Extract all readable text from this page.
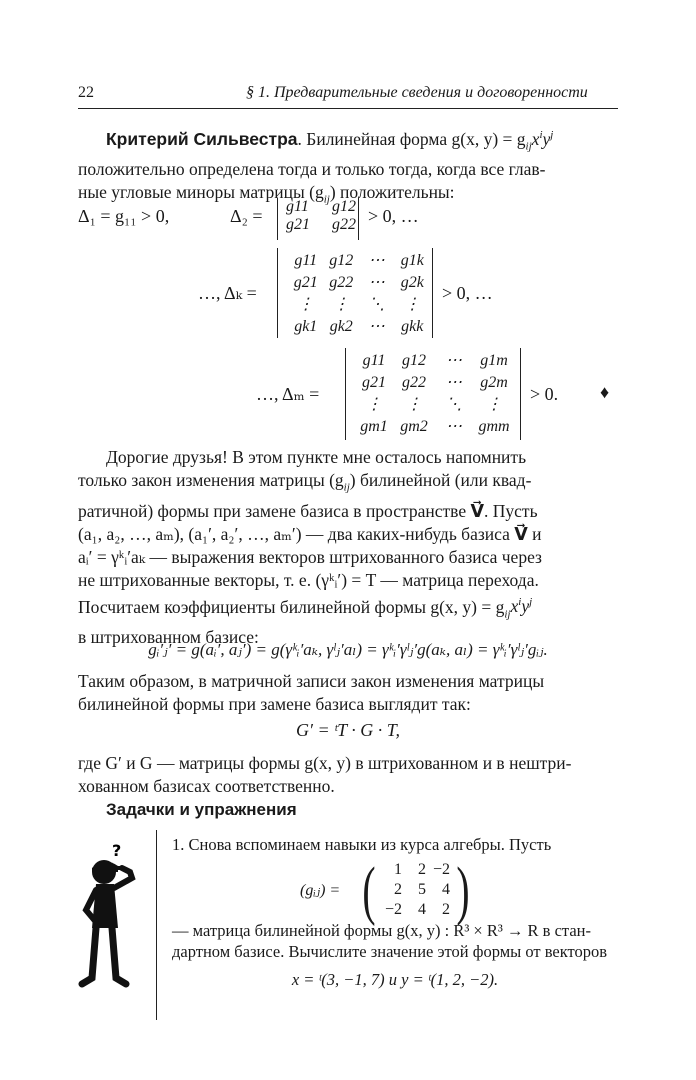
22	§ 1. Предварительные сведения и договоренности
Критерий Сильвестра. Билинейная форма g(x, $y) = g_{ij}x^iy^j$
положительно определена тогда и только тогда, когда все глав-
ные угловые миноры матрицы $(g_{ij})$ положительны:
Δ₁ = g₁₁ > 0,	Δ₂ = g11 g12
g21 g22 > 0, …
…, Δₖ =
g11 g12 ⋯ g1k
g21 g22 ⋯ g2k
⋮	⋮	⋱	⋮
gk1 gk2 ⋯	gkk
> 0, …
…, Δₘ =
g11	g12	⋯	g1m
g21	g22	⋯	g2m
⋮	⋮	⋱	⋮
gm1 gm2	⋯	gmm
> 0. ♦
Дорогие друзья! В этом пункте мне осталось напомнить
только закон изменения матрицы $(g_{ij})$ билинейной (или квад-
ратичной) формы при замене базиса в пространстве V⃗. Пусть
(a₁, a₂, …, aₘ), (a₁′, a₂′, …, aₘ′) — два каких-нибудь базиса V⃗ и
aᵢ′ = γᵏᵢ′aₖ — выражения векторов штрихованного базиса через
не штрихованные векторы, т. е. (γᵏᵢ′) = T — матрица перехода.
Посчитаем коэффициенты билинейной формы g(x, $y) = g_{ij}x^iy^j$
в штрихованном базисе:
gᵢ′ⱼ′ = g(aᵢ′, aⱼ′) = g(γᵏᵢ′aₖ, γˡⱼ′aₗ) = γᵏᵢ′γˡⱼ′g(aₖ, aₗ) = γᵏᵢ′γˡⱼ′gᵢⱼ.
Таким образом, в матричной записи закон изменения матрицы
билинейной формы при замене базиса выглядит так:
G′ = ᵗT · G · T,
где G′ и G — матрицы формы g(x, y) в штрихованном и в нештри-
хованном базисах соответственно.
Задачки и упражнения
?	1. Снова вспоминаем навыки из курса алгебры. Пусть
(gᵢⱼ) = (	1	2 −2
2	5	4
−2	4	2 )
— матрица билинейной формы g(x, y) : R³ × R³ → R в стан-
дартном базисе. Вычислите значение этой формы от векторов
x = ᵗ(3, −1, 7) и y = ᵗ(1, 2, −2).
